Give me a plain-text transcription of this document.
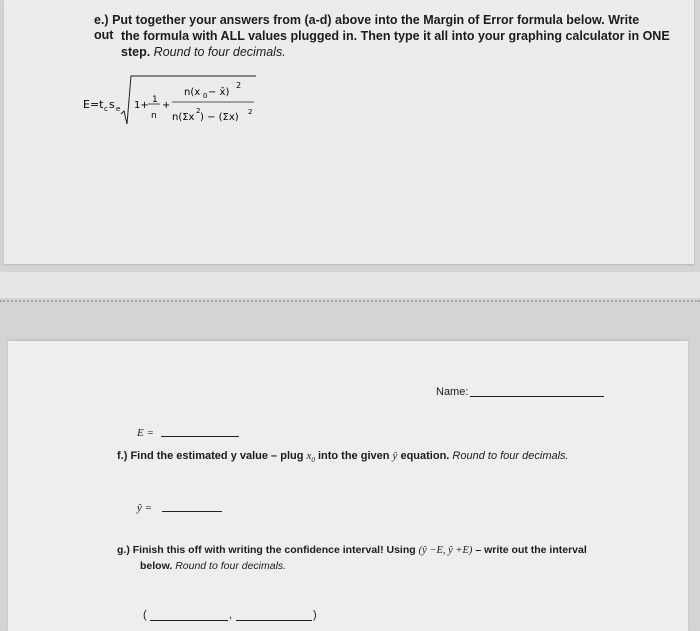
e.) Put together your answers from (a-d) above into the Margin of Error formula below. Write out the formula with ALL values plugged in. Then type it all into your graphing calculator in ONE
step. Round to four decimals.
E=t c s e 1+ 1
n
+
n(x 0 − x̄)
2
n(Σx
2
) − (Σx) 2
Name:
E =
f.) Find the estimated y value – plug $x_0$ into the given ŷ equation. Round to four decimals.
ŷ =
g.) Finish this off with writing the confidence interval! Using (ŷ −E, ŷ +E) – write out the interval
below. Round to four decimals.
(	,	)
